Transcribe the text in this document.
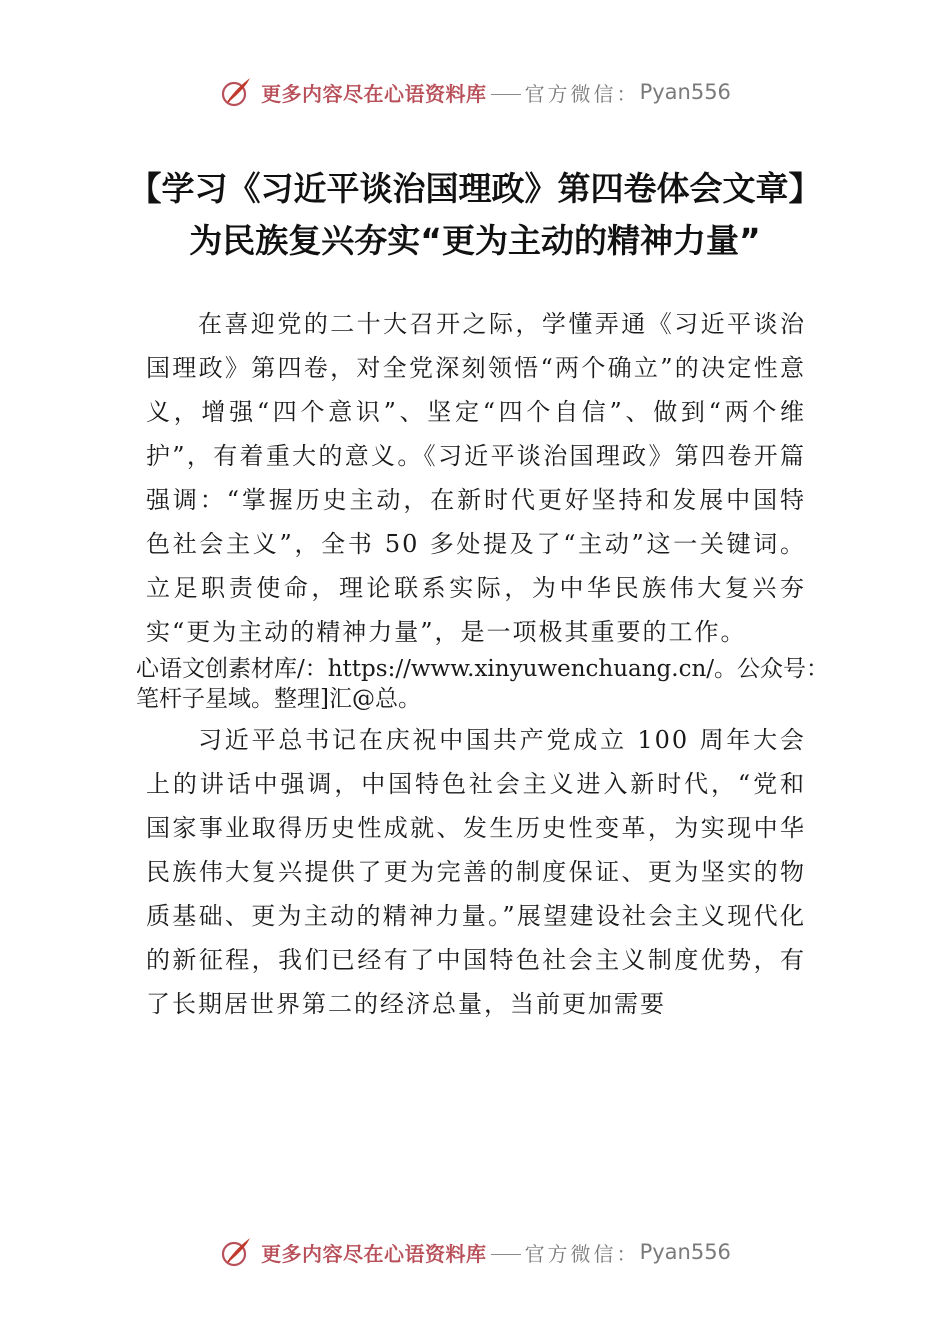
更多内容尽在心语资料库 官方微信： Pyan556
【学习《习近平谈治国理政》第四卷体会文章】为民族复兴夯实“更为主动的精神力量”

在喜迎党的二十大召开之际，学懂弄通《习近平谈治国理政》第四卷，对全党深刻领悟“两个确立”的决定性意义，增强“四个意识”、坚定“四个自信”、做到“两个维护”，有着重大的意义。《习近平谈治国理政》第四卷开篇强调：“掌握历史主动，在新时代更好坚持和发展中国特色社会主义”，全书 50 多处提及了“主动”这一关键词。立足职责使命，理论联系实际，为中华民族伟大复兴夯实“更为主动的精神力量”，是一项极其重要的工作。

心语文创素材库/：https://www.xinyuwenchuang.cn/。公众号：笔杆子星域。整理]汇@总。

习近平总书记在庆祝中国共产党成立 100 周年大会上的讲话中强调，中国特色社会主义进入新时代，“党和国家事业取得历史性成就、发生历史性变革，为实现中华民族伟大复兴提供了更为完善的制度保证、更为坚实的物质基础、更为主动的精神力量。”展望建设社会主义现代化的新征程，我们已经有了中国特色社会主义制度优势，有了长期居世界第二的经济总量，当前更加需要

更多内容尽在心语资料库 官方微信： Pyan556
